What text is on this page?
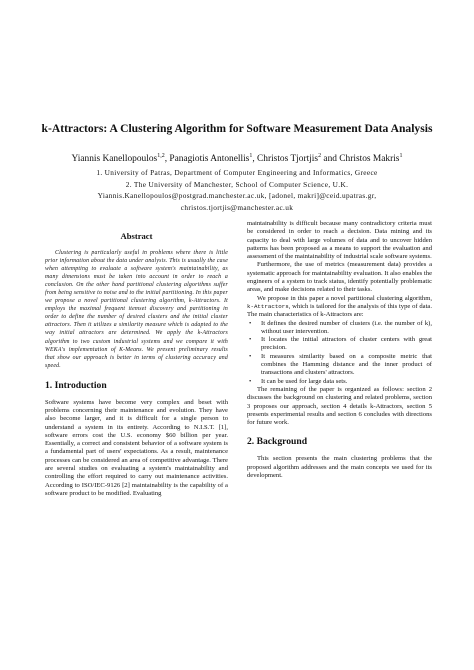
k-Attractors: A Clustering Algorithm for Software Measurement Data Analysis
Yiannis Kanellopoulos$^{1,2}$, Panagiotis Antonellis$^1$, Christos Tjortjis$^2$ and Christos Makris$^1$
1. University of Patras, Department of Computer Engineering and Informatics, Greece
2. The University of Manchester, School of Computer Science, U.K.
Yiannis.Kanellopoulos@postgrad.manchester.ac.uk, [adonel, makri]@ceid.upatras.gr,
christos.tjortjis@manchester.ac.uk
Abstract

Clustering is particularly useful in problems where there is little prior information about the data under analysis. This is usually the case when attempting to evaluate a software system's maintainability, as many dimensions must be taken into account in order to reach a conclusion. On the other hand partitional clustering algorithms suffer from being sensitive to noise and to the initial partitioning. In this paper we propose a novel partitional clustering algorithm, k-Attractors. It employs the maximal frequent itemset discovery and partitioning in order to define the number of desired clusters and the initial cluster attractors. Then it utilizes a similarity measure which is adapted to the way initial attractors are determined. We apply the k-Attractors algorithm to two custom industrial systems and we compare it with WEKA's implementation of K-Means. We present preliminary results that show our approach is better in terms of clustering accuracy and speed.

1. Introduction

Software systems have become very complex and beset with problems concerning their maintenance and evolution. They have also become larger, and it is difficult for a single person to understand a system in its entirety. According to N.I.S.T. [1], software errors cost the U.S. economy $60 billion per year. Essentially, a correct and consistent behavior of a software system is a fundamental part of users' expectations. As a result, maintenance processes can be considered an area of competitive advantage. There are several studies on evaluating a system's maintainability and controlling the effort required to carry out maintenance activities. According to ISO/IEC-9126 [2] maintainability is the capability of a software product to be modified. Evaluating

maintainability is difficult because many contradictory criteria must be considered in order to reach a decision. Data mining and its capacity to deal with large volumes of data and to uncover hidden patterns has been proposed as a means to support the evaluation and assessment of the maintainability of industrial scale software systems.

Furthermore, the use of metrics (measurement data) provides a systematic approach for maintainability evaluation. It also enables the engineers of a system to track status, identify potentially problematic areas, and make decisions related to their tasks.

We propose in this paper a novel partitional clustering algorithm, k-Attractors, which is tailored for the analysis of this type of data. The main characteristics of k-Attractors are:

• It defines the desired number of clusters (i.e. the number of k), without user intervention.
• It locates the initial attractors of cluster centers with great precision.
• It measures similarity based on a composite metric that combines the Hamming distance and the inner product of transactions and clusters' attractors.
• It can be used for large data sets.

The remaining of the paper is organized as follows: section 2 discusses the background on clustering and related problems, section 3 proposes our approach, section 4 details k-Attractors, section 5 presents experimental results and section 6 concludes with directions for future work.

2. Background

This section presents the main clustering problems that the proposed algorithm addresses and the main concepts we used for its development.
